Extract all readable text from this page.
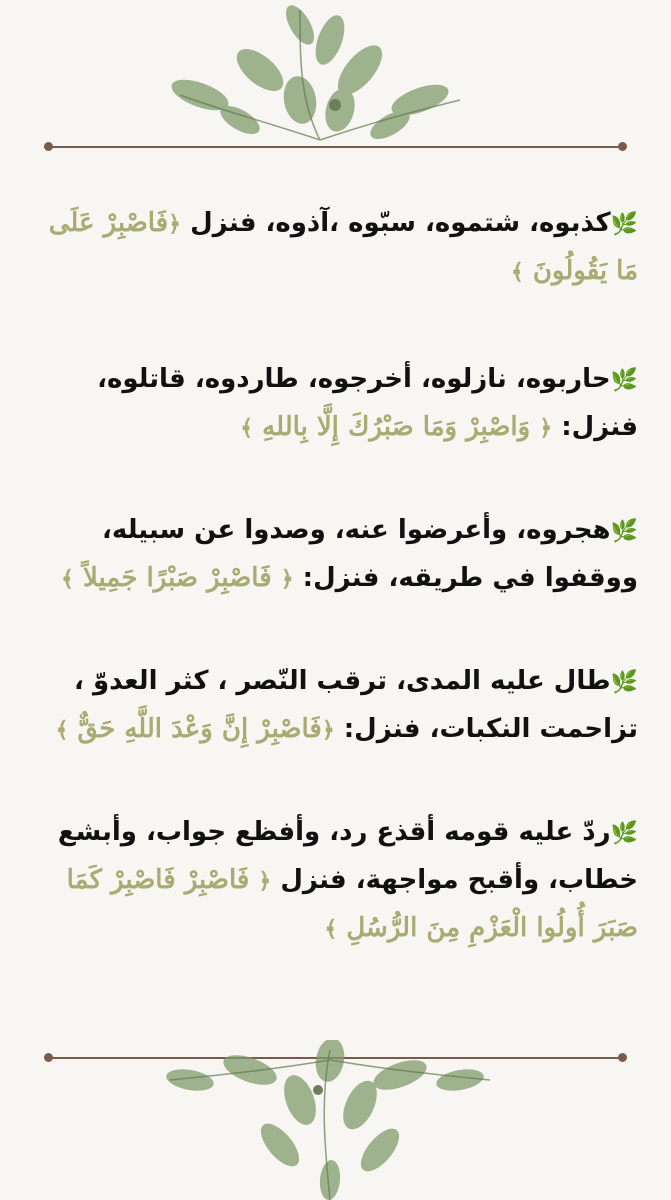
🌿كذبوه، شتموه، سبّوه ،آذوه، فنزل ﴿فَاصْبِرْ عَلَى مَا يَقُولُونَ ﴾

🌿حاربوه، نازلوه، أخرجوه، طاردوه، قاتلوه، فنزل: ﴿ وَاصْبِرْ وَمَا صَبْرُكَ إِلَّا بِاللهِ ﴾

🌿هجروه، وأعرضوا عنه، وصدوا عن سبيله، ووقفوا في طريقه، فنزل: ﴿ فَاصْبِرْ صَبْرًا جَمِيلاً ﴾

🌿طال عليه المدى، ترقب النّصر ، كثر العدوّ ، تزاحمت النكبات، فنزل: ﴿فَاصْبِرْ إِنَّ وَعْدَ اللَّهِ حَقٌّ ﴾

🌿ردّ عليه قومه أقذع رد، وأفظع جواب، وأبشع خطاب، وأقبح مواجهة، فنزل ﴿ فَاصْبِرْ فَاصْبِرْ كَمَا صَبَرَ أُولُوا الْعَزْمِ مِنَ الرُّسُلِ ﴾
